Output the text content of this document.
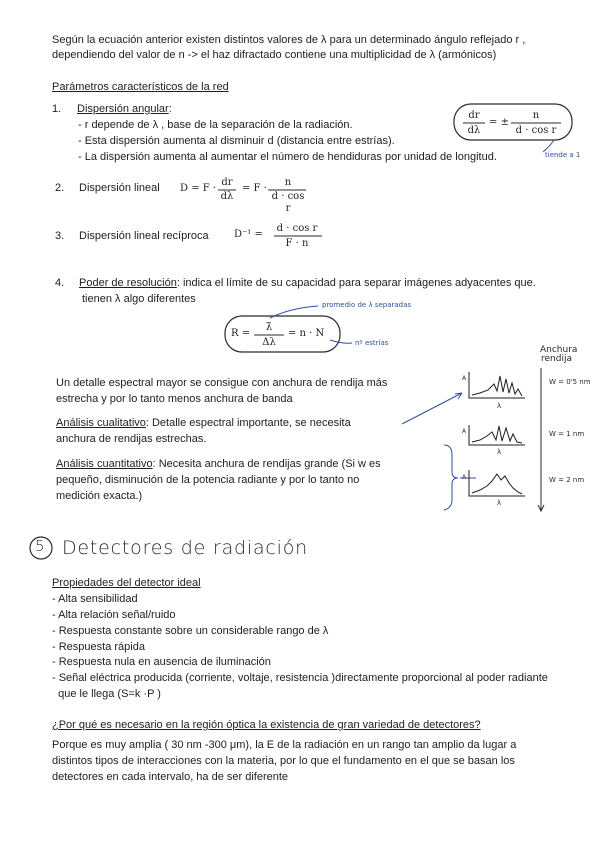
Según la ecuación anterior existen distintos valores de λ para un determinado ángulo reflejado r ,
dependiendo del valor de n -> el haz difractado contiene una multiplicidad de λ (armónicos)
Parámetros característicos de la red
1. Dispersión angular:
- r depende de λ , base de la separación de la radiación.
- Esta dispersión aumenta al disminuir d (distancia entre estrías).
- La dispersión aumenta al aumentar el número de hendiduras por unidad de longitud.
dr
dλ
= ±
n
d · cos r
tiende a 1
2. Dispersión lineal D = F ·
dr
dλ
= F ·
n
d · cos r
3. Dispersión lineal recíproca	D⁻¹ =
d · cos r
F · n
4. Poder de resolución: indica el límite de su capacidad para separar imágenes adyacentes que.
tienen λ algo diferentes
R =
λ̄
Δλ
= n · N
promedio de λ separadas
nº estrías
Un detalle espectral mayor se consigue con anchura de rendija más
estrecha y por lo tanto menos anchura de banda
Análisis cualitativo: Detalle espectral importante, se necesita
anchura de rendijas estrechas.
Análisis cuantitativo: Necesita anchura de rendijas grande (Si w es
pequeño, disminución de la potencia radiante y por lo tanto no
medición exacta.)
Anchura
rendija
A
λ
A
λ
A
λ
W = 0'5 nm
W = 1 nm
W = 2 nm
5 Detectores de radiación
Propiedades del detector ideal
- Alta sensibilidad
- Alta relación señal/ruido
- Respuesta constante sobre un considerable rango de λ
- Respuesta rápida
- Respuesta nula en ausencia de iluminación
- Señal eléctrica producida (corriente, voltaje, resistencia )directamente proporcional al poder radiante
que le llega (S=k ·P )
¿Por qué es necesario en la región óptica la existencia de gran variedad de detectores?
Porque es muy amplia ( 30 nm -300 μm), la E de la radiación en un rango tan amplio da lugar a
distintos tipos de interacciones con la materia, por lo que el fundamento en el que se basan los
detectores en cada intervalo, ha de ser diferente
